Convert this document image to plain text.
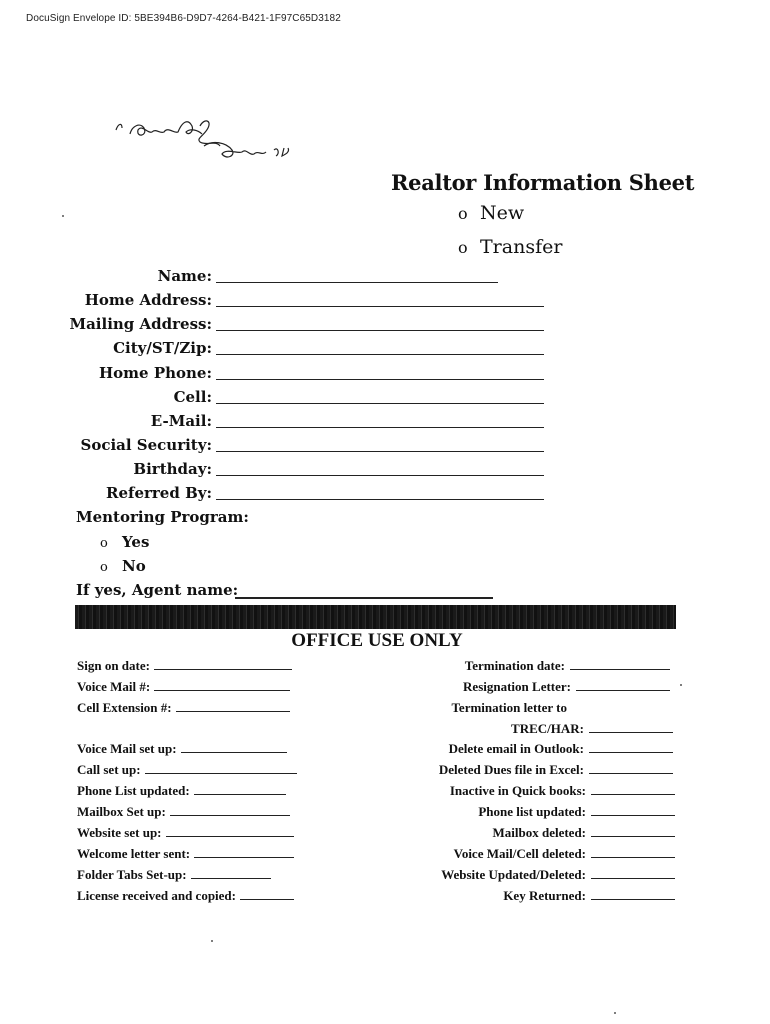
DocuSign Envelope ID: 5BE394B6-D9D7-4264-B421-1F97C65D3182
Realtor Information Sheet
o New
o Transfer
Name:
Home Address:
Mailing Address:
City/ST/Zip:
Home Phone:
Cell:
E-Mail:
Social Security:
Birthday:
Referred By:
Mentoring Program:
o Yes
o No
If yes, Agent name:
OFFICE USE ONLY
Sign on date:
Voice Mail #:
Cell Extension #:
Voice Mail set up:
Call set up:
Phone List updated:
Mailbox Set up:
Website set up:
Welcome letter sent:
Folder Tabs Set-up:
License received and copied:
Termination date:
Resignation Letter:
Termination letter to
TREC/HAR:
Delete email in Outlook:
Deleted Dues file in Excel:
Inactive in Quick books:
Phone list updated:
Mailbox deleted:
Voice Mail/Cell deleted:
Website Updated/Deleted:
Key Returned:
